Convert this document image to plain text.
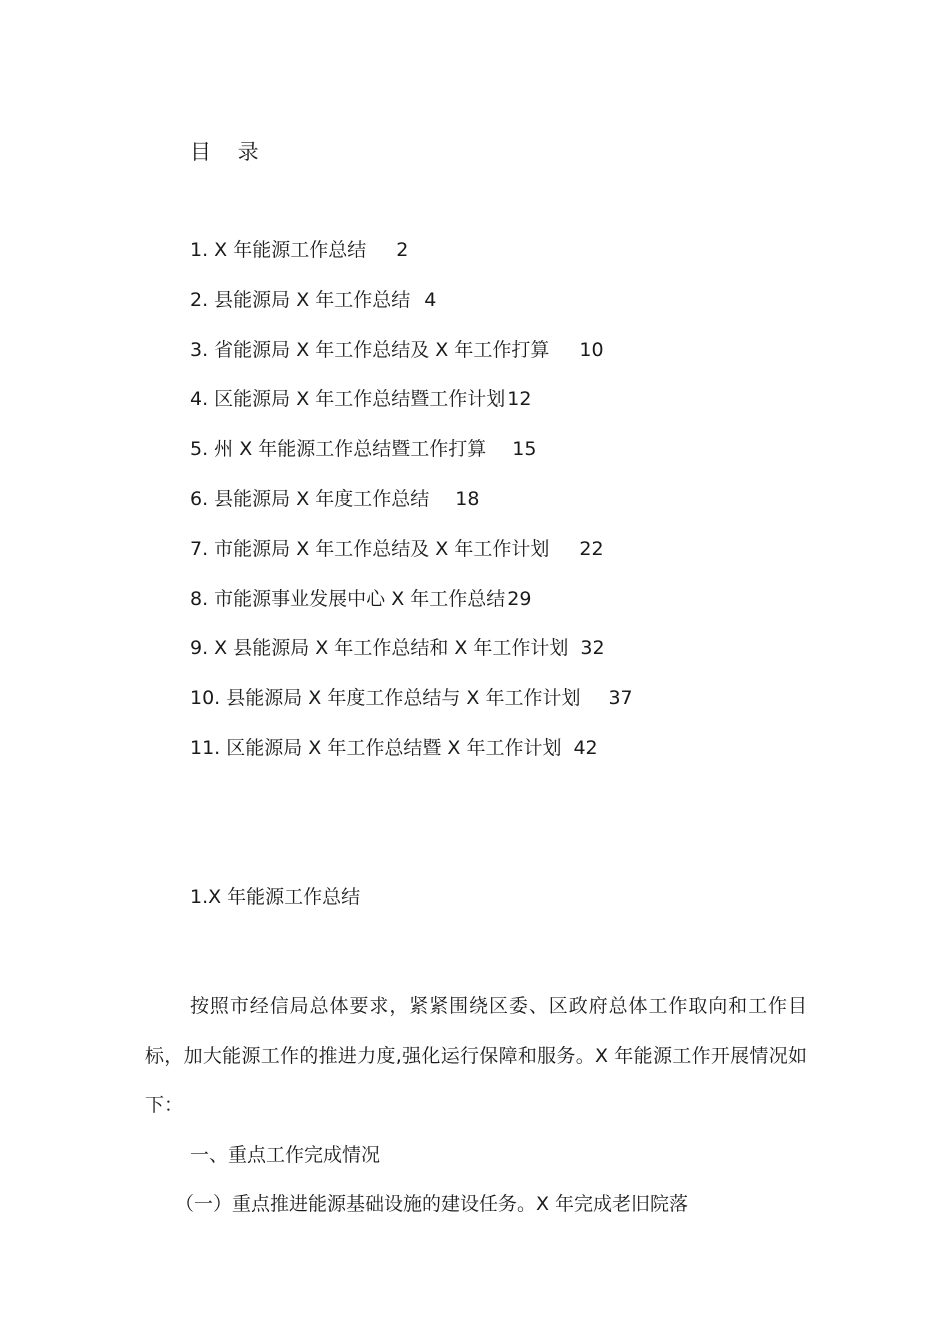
目 录
1. X 年能源工作总结 2
2. 县能源局 X 年工作总结 4
3. 省能源局 X 年工作总结及 X 年工作打算 10
4. 区能源局 X 年工作总结暨工作计划 12
5. 州 X 年能源工作总结暨工作打算 15
6. 县能源局 X 年度工作总结 18
7. 市能源局 X 年工作总结及 X 年工作计划 22
8. 市能源事业发展中心 X 年工作总结 29
9. X 县能源局 X 年工作总结和 X 年工作计划 32
10. 县能源局 X 年度工作总结与 X 年工作计划 37
11. 区能源局 X 年工作总结暨 X 年工作计划 42
1.X 年能源工作总结

按照市经信局总体要求，紧紧围绕区委、区政府总体工作取向和工作目标，加大能源工作的推进力度,强化运行保障和服务。X 年能源工作开展情况如下：

一、重点工作完成情况

（一）重点推进能源基础设施的建设任务。X 年完成老旧院落
